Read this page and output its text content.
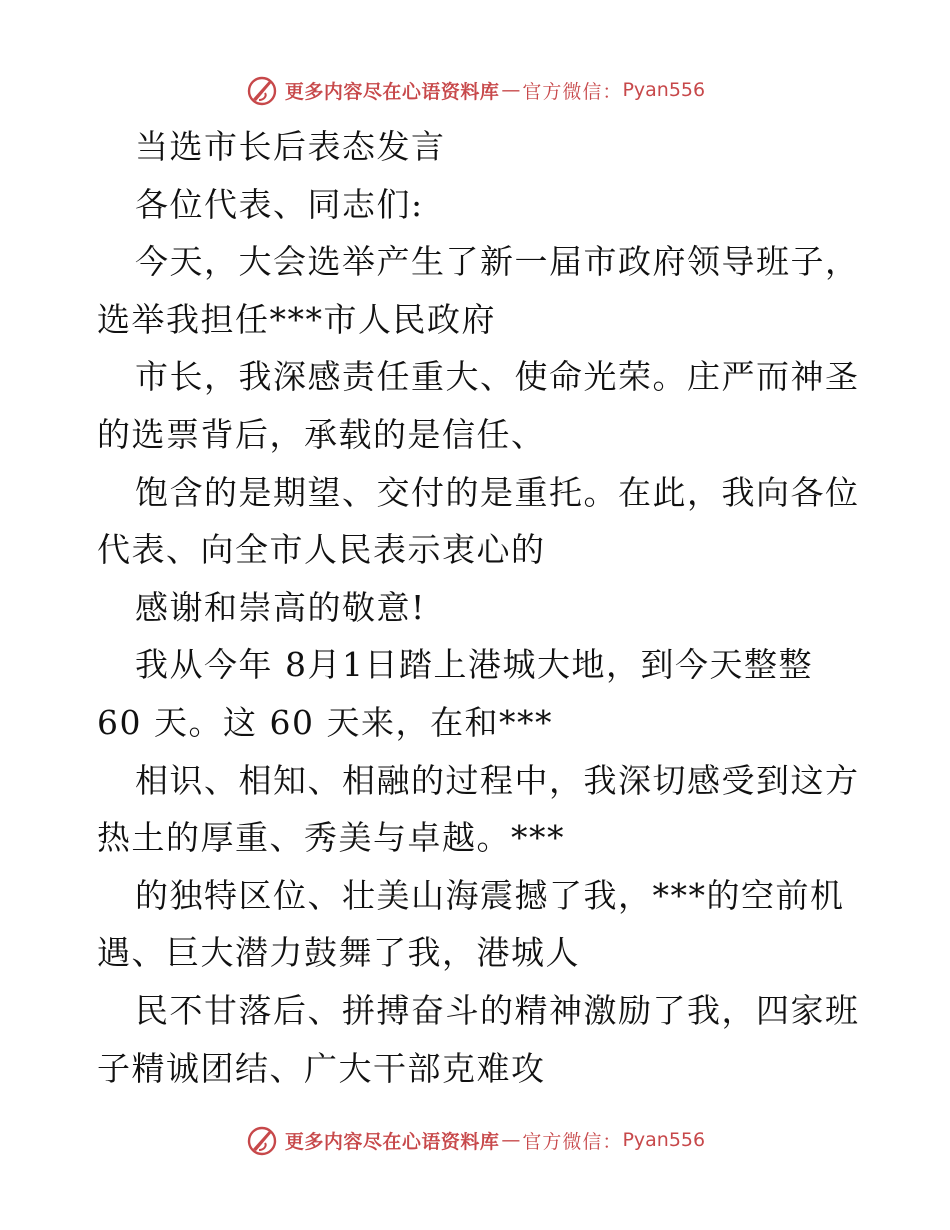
更多内容尽在心语资料库 — 官方微信： Pyan556
当选市长后表态发言
各位代表、同志们:
今天，大会选举产生了新一届市政府领导班子，
选举我担任***市人民政府
市长，我深感责任重大、使命光荣。庄严而神圣
的选票背后，承载的是信任、
饱含的是期望、交付的是重托。在此，我向各位
代表、向全市人民表示衷心的
感谢和崇高的敬意!
我从今年 8月1日踏上港城大地，到今天整整
60 天。这 60 天来，在和***
相识、相知、相融的过程中，我深切感受到这方
热土的厚重、秀美与卓越。***
的独特区位、壮美山海震撼了我，***的空前机
遇、巨大潜力鼓舞了我，港城人
民不甘落后、拼搏奋斗的精神激励了我，四家班
子精诚团结、广大干部克难攻
更多内容尽在心语资料库 — 官方微信： Pyan556
